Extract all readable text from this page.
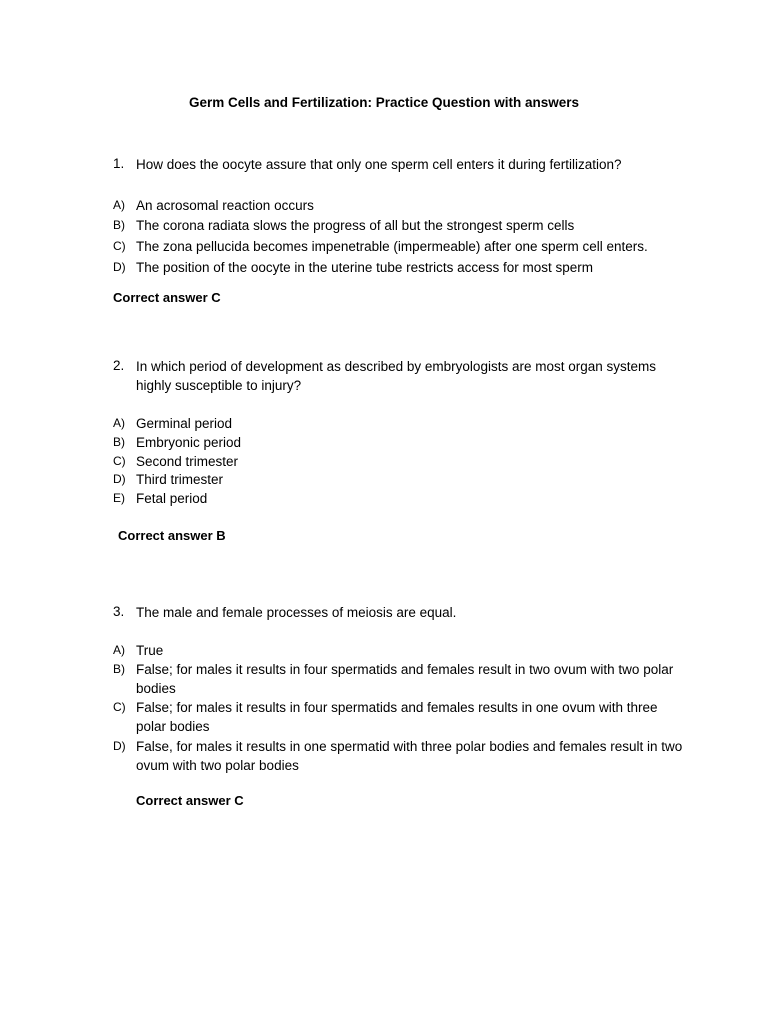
Germ Cells and Fertilization: Practice Question with answers
1. How does the oocyte assure that only one sperm cell enters it during fertilization?
A) An acrosomal reaction occurs
B) The corona radiata slows the progress of all but the strongest sperm cells
C) The zona pellucida becomes impenetrable (impermeable) after one sperm cell enters.
D) The position of the oocyte in the uterine tube restricts access for most sperm
Correct answer C
2. In which period of development as described by embryologists are most organ systems highly susceptible to injury?
A) Germinal period
B) Embryonic period
C) Second trimester
D) Third trimester
E) Fetal period
Correct answer B
3. The male and female processes of meiosis are equal.
A) True
B) False; for males it results in four spermatids and females result in two ovum with two polar bodies
C) False; for males it results in four spermatids and females results in one ovum with three polar bodies
D) False, for males it results in one spermatid with three polar bodies and females result in two ovum with two polar bodies
Correct answer C
